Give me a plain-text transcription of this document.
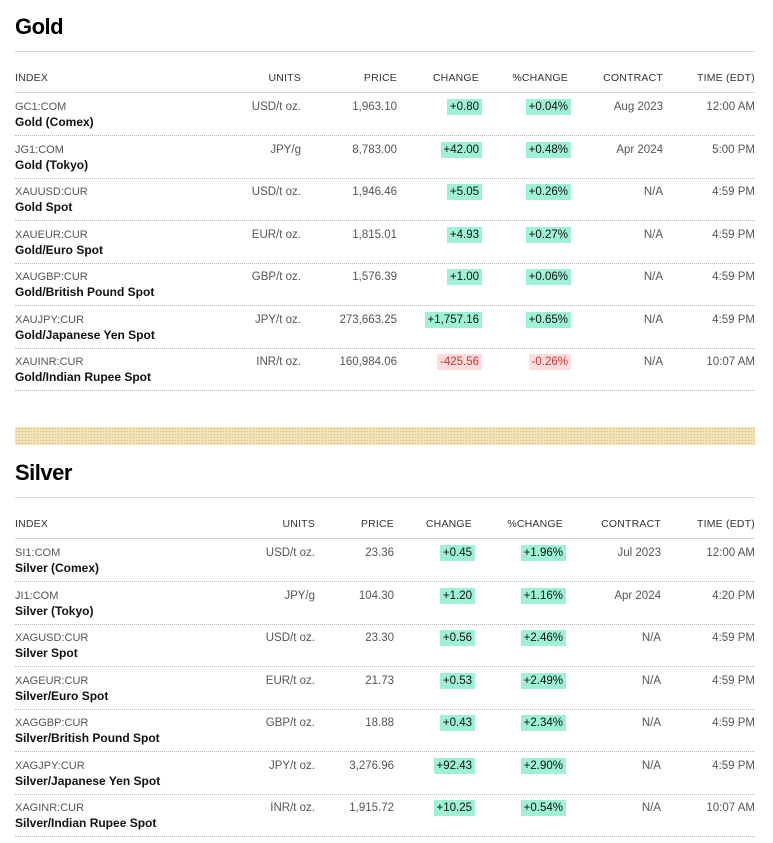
Gold
INDEX	UNITS	PRICE	CHANGE	%CHANGE	CONTRACT	TIME (EDT)
GC1:COM
Gold (Comex)
USD/t oz.	1,963.10	+0.80	+0.04%	Aug 2023	12:00 AM
JG1:COM
Gold (Tokyo)
JPY/g	8,783.00	+42.00	+0.48%	Apr 2024	5:00 PM
XAUUSD:CUR
Gold Spot
USD/t oz.	1,946.46	+5.05	+0.26%	N/A	4:59 PM
XAUEUR:CUR
Gold/Euro Spot
EUR/t oz.	1,815.01	+4.93	+0.27%	N/A	4:59 PM
XAUGBP:CUR
Gold/British Pound Spot
GBP/t oz.	1,576.39	+1.00	+0.06%	N/A	4:59 PM
XAUJPY:CUR
Gold/Japanese Yen Spot
JPY/t oz.	273,663.25	+1,757.16	+0.65%	N/A	4:59 PM
XAUINR:CUR
Gold/Indian Rupee Spot
INR/t oz.	160,984.06	-425.56	-0.26%	N/A	10:07 AM
Silver
INDEX	UNITS	PRICE	CHANGE	%CHANGE	CONTRACT	TIME (EDT)
SI1:COM
Silver (Comex)
USD/t oz.	23.36	+0.45	+1.96%	Jul 2023	12:00 AM
JI1:COM
Silver (Tokyo)
JPY/g	104.30	+1.20	+1.16%	Apr 2024	4:20 PM
XAGUSD:CUR
Silver Spot
USD/t oz.	23.30	+0.56	+2.46%	N/A	4:59 PM
XAGEUR:CUR
Silver/Euro Spot
EUR/t oz.	21.73	+0.53	+2.49%	N/A	4:59 PM
XAGGBP:CUR
Silver/British Pound Spot
GBP/t oz.	18.88	+0.43	+2.34%	N/A	4:59 PM
XAGJPY:CUR
Silver/Japanese Yen Spot
JPY/t oz.	3,276.96	+92.43	+2.90%	N/A	4:59 PM
XAGINR:CUR
Silver/Indian Rupee Spot
INR/t oz.	1,915.72	+10.25	+0.54%	N/A	10:07 AM
